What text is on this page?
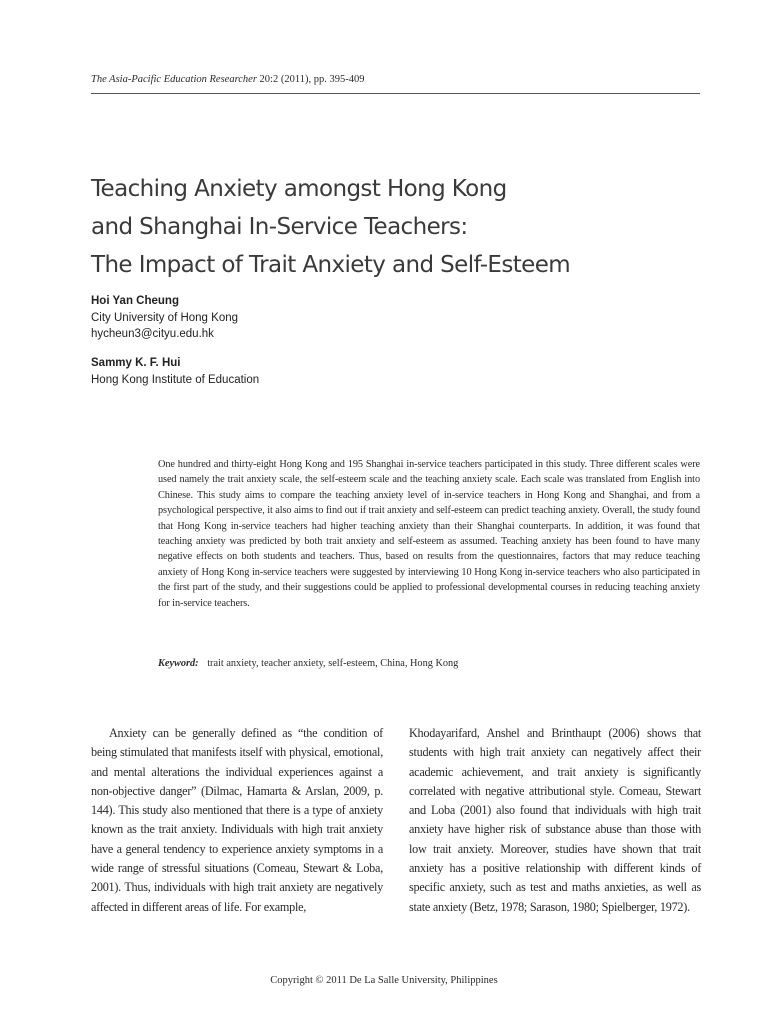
The Asia-Pacific Education Researcher 20:2 (2011), pp. 395-409
Teaching Anxiety amongst Hong Kong
and Shanghai In-Service Teachers:
The Impact of Trait Anxiety and Self-Esteem
Hoi Yan Cheung
City University of Hong Kong
hycheun3@cityu.edu.hk
Sammy K. F. Hui
Hong Kong Institute of Education
One hundred and thirty-eight Hong Kong and 195 Shanghai in-service teachers participated in this study. Three different scales were used namely the trait anxiety scale, the self-esteem scale and the teaching anxiety scale. Each scale was translated from English into Chinese. This study aims to compare the teaching anxiety level of in-service teachers in Hong Kong and Shanghai, and from a psychological perspective, it also aims to find out if trait anxiety and self-esteem can predict teaching anxiety. Overall, the study found that Hong Kong in-service teachers had higher teaching anxiety than their Shanghai counterparts. In addition, it was found that teaching anxiety was predicted by both trait anxiety and self-esteem as assumed. Teaching anxiety has been found to have many negative effects on both students and teachers. Thus, based on results from the questionnaires, factors that may reduce teaching anxiety of Hong Kong in-service teachers were suggested by interviewing 10 Hong Kong in-service teachers who also participated in the first part of the study, and their suggestions could be applied to professional developmental courses in reducing teaching anxiety for in-service teachers.
Keyword: trait anxiety, teacher anxiety, self-esteem, China, Hong Kong
Anxiety can be generally defined as “the condition of being stimulated that manifests itself with physical, emotional, and mental alterations the individual experiences against a non-objective danger” (Dilmac, Hamarta & Arslan, 2009, p. 144). This study also mentioned that there is a type of anxiety known as the trait anxiety. Individuals with high trait anxiety have a general tendency to experience anxiety symptoms in a wide range of stressful situations (Comeau, Stewart & Loba, 2001). Thus, individuals with high trait anxiety are negatively affected in different areas of life. For example,
Khodayarifard, Anshel and Brinthaupt (2006) shows that students with high trait anxiety can negatively affect their academic achievement, and trait anxiety is significantly correlated with negative attributional style. Comeau, Stewart and Loba (2001) also found that individuals with high trait anxiety have higher risk of substance abuse than those with low trait anxiety. Moreover, studies have shown that trait anxiety has a positive relationship with different kinds of specific anxiety, such as test and maths anxieties, as well as state anxiety (Betz, 1978; Sarason, 1980; Spielberger, 1972).
Copyright © 2011 De La Salle University, Philippines
